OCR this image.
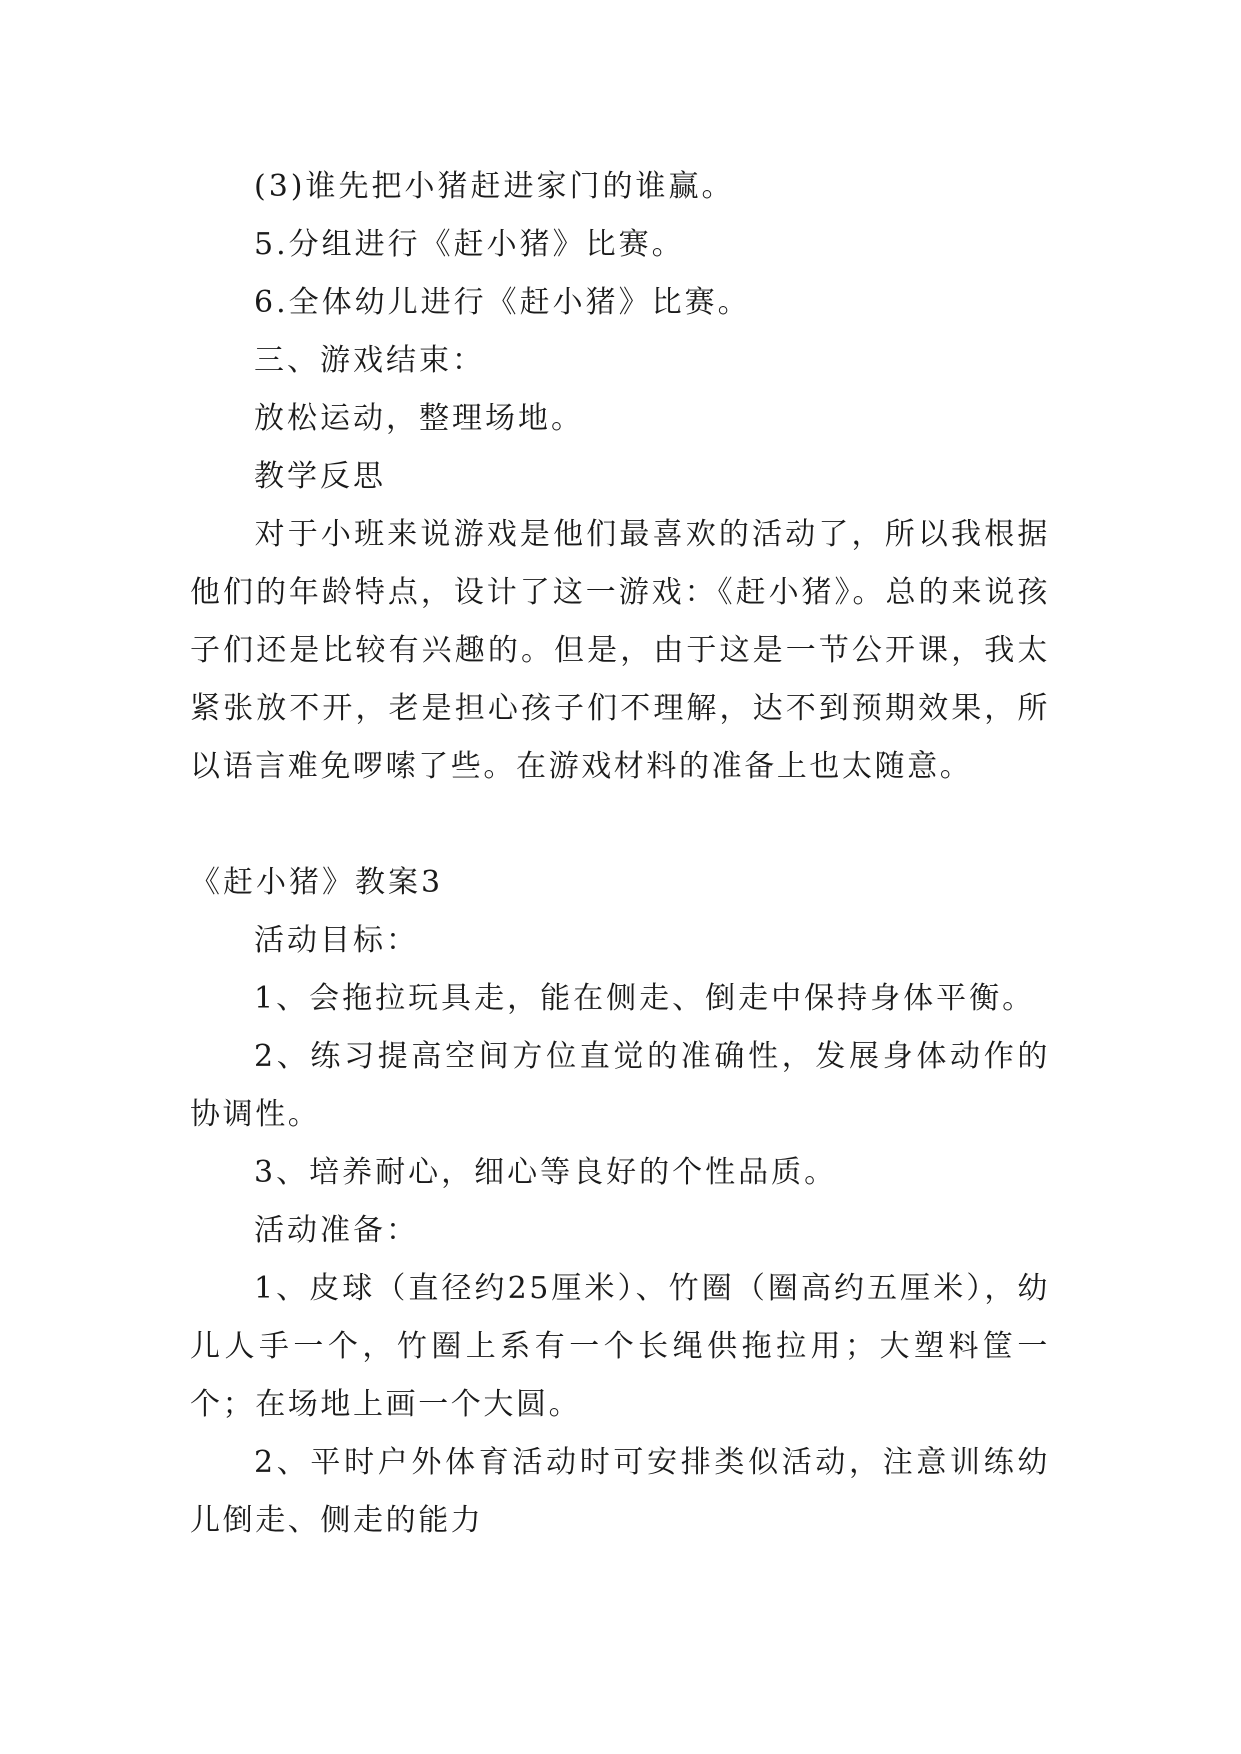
(3)谁先把小猪赶进家门的谁赢。
5.分组进行《赶小猪》比赛。
6.全体幼儿进行《赶小猪》比赛。
三、游戏结束：
放松运动，整理场地。
教学反思
对于小班来说游戏是他们最喜欢的活动了，所以我根据他们的年龄特点，设计了这一游戏：《赶小猪》。总的来说孩子们还是比较有兴趣的。但是，由于这是一节公开课，我太紧张放不开，老是担心孩子们不理解，达不到预期效果，所以语言难免啰嗦了些。在游戏材料的准备上也太随意。
《赶小猪》教案3
活动目标：
1、会拖拉玩具走，能在侧走、倒走中保持身体平衡。
2、练习提高空间方位直觉的准确性，发展身体动作的协调性。
3、培养耐心，细心等良好的个性品质。
活动准备：
1、皮球（直径约25厘米）、竹圈（圈高约五厘米），幼儿人手一个，竹圈上系有一个长绳供拖拉用；大塑料筐一个；在场地上画一个大圆。
2、平时户外体育活动时可安排类似活动，注意训练幼儿倒走、侧走的能力
